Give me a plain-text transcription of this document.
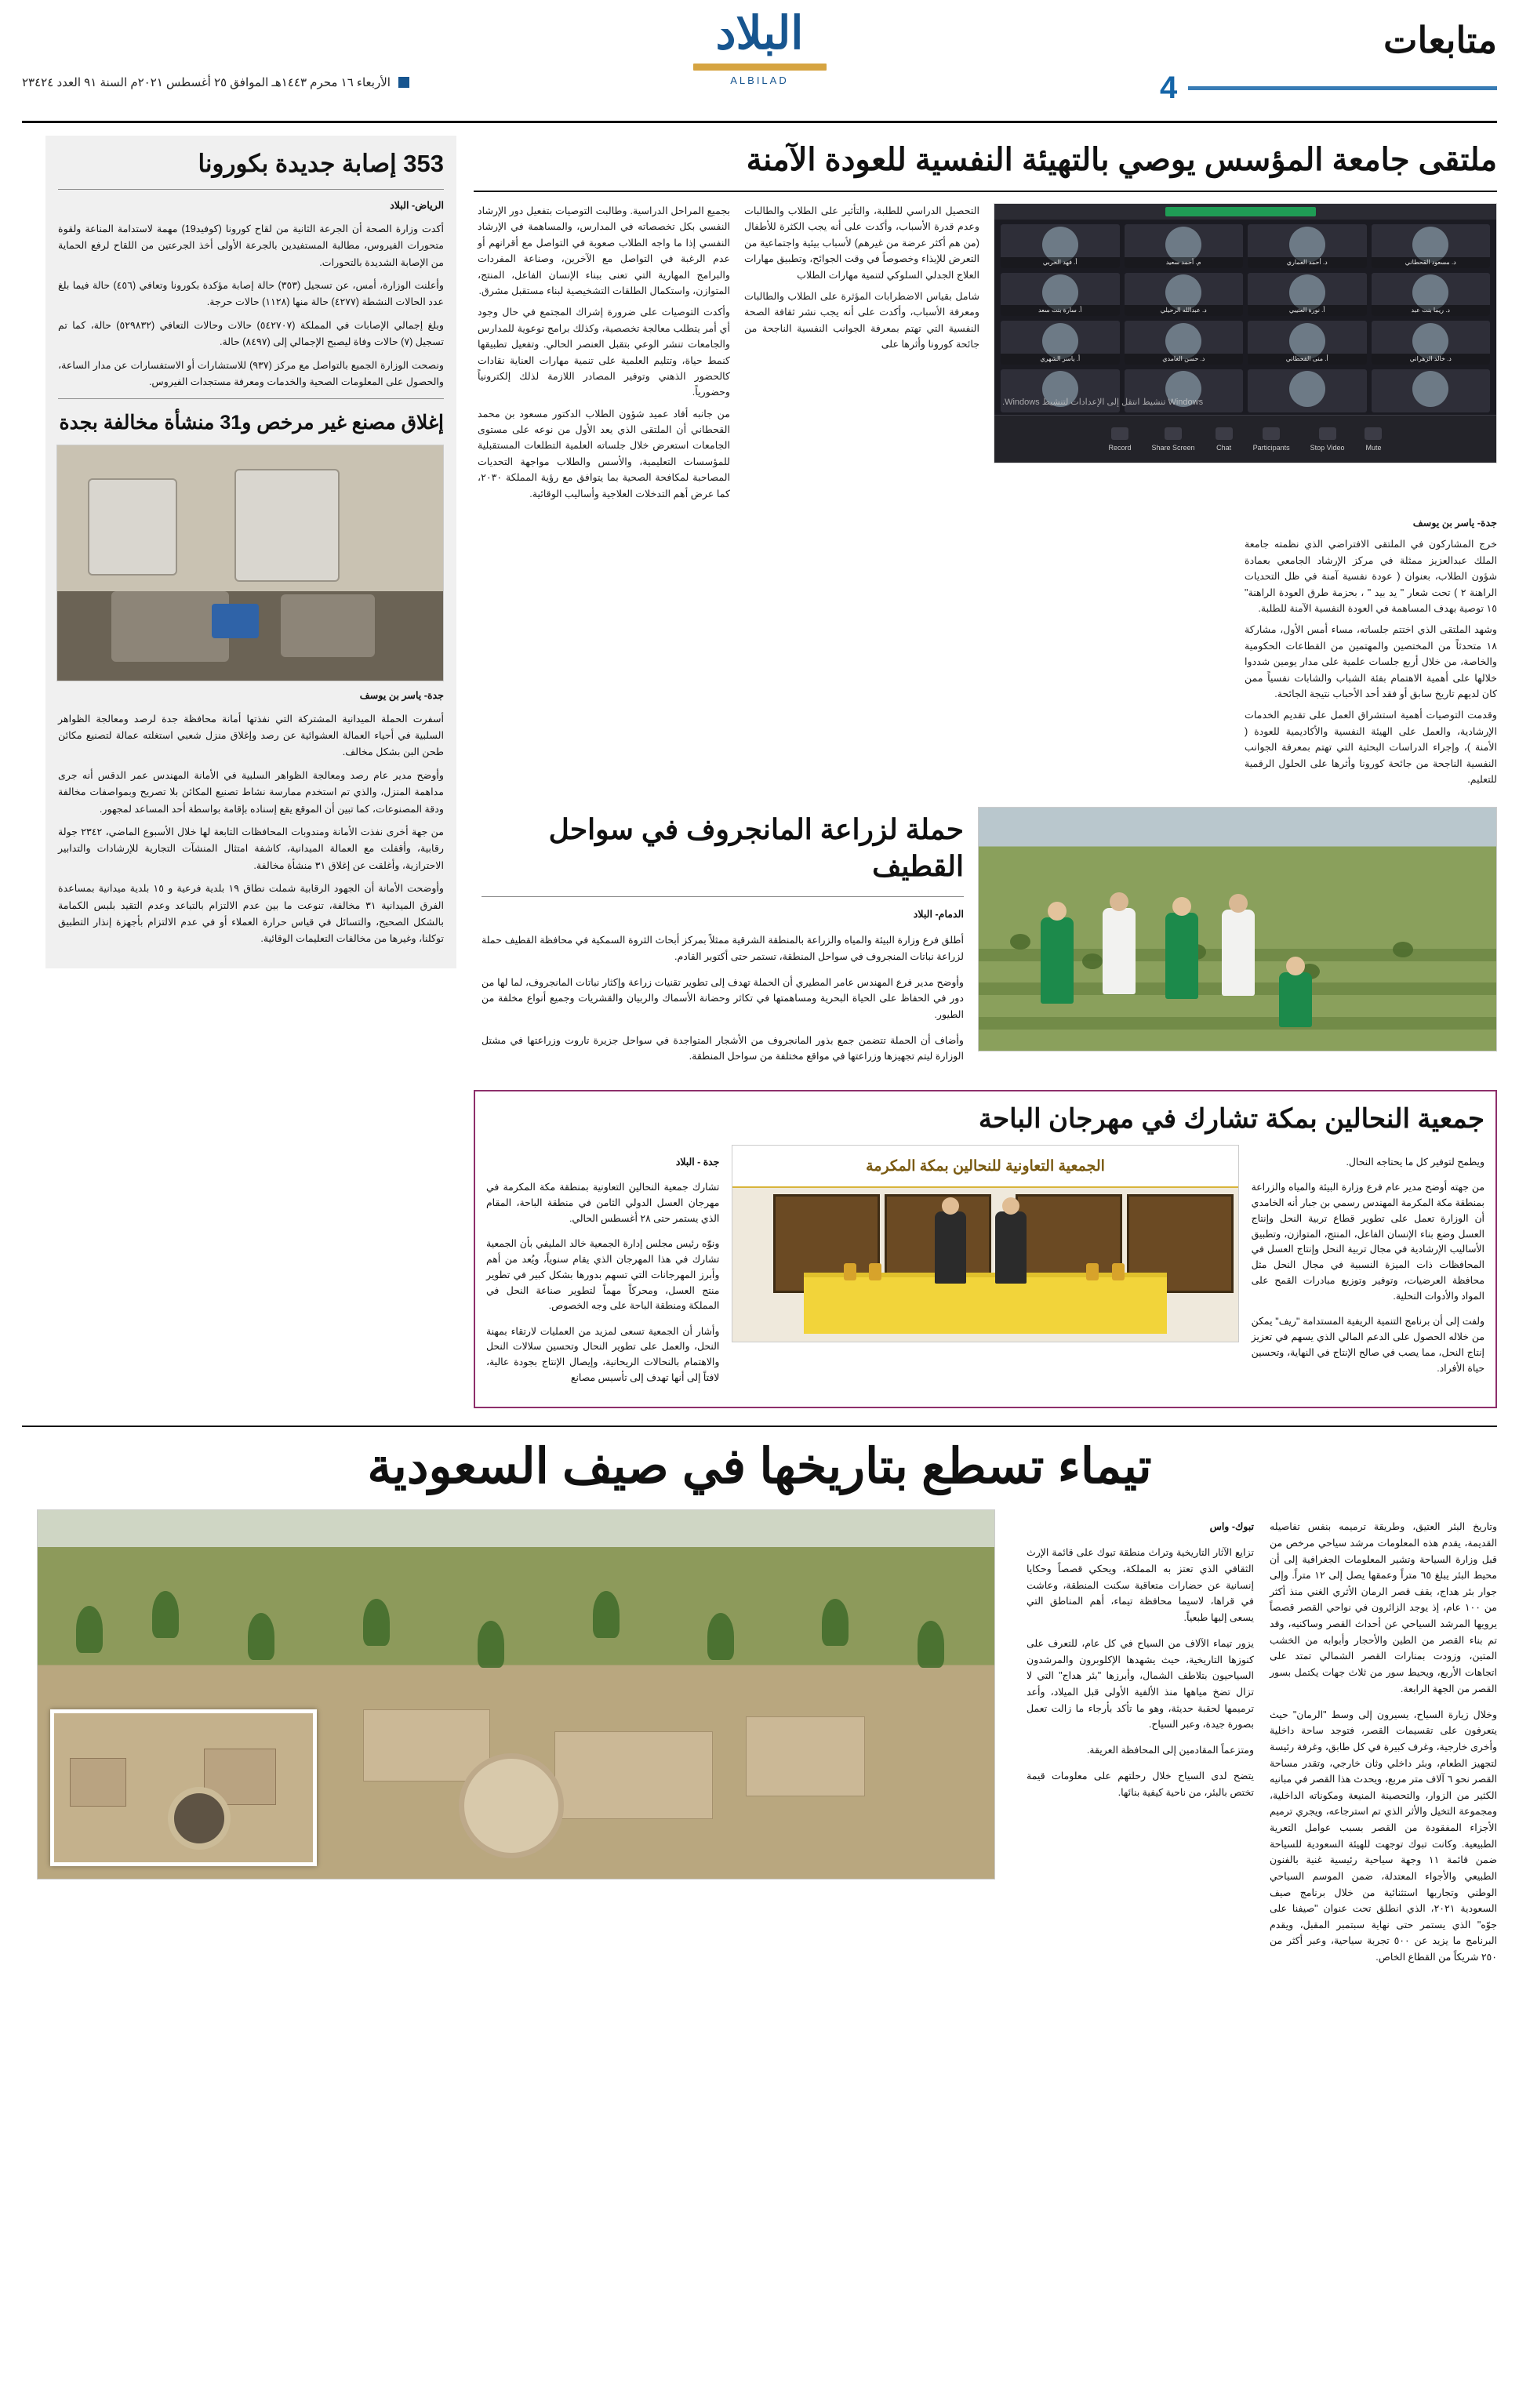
متابعات
4
البلاد
ALBILAD
الأربعاء ١٦ محرم ١٤٤٣هـ الموافق ٢٥ أغسطس ٢٠٢١م السنة ٩١ العدد ٢٣٤٢٤
ملتقى جامعة المؤسس يوصي بالتهيئة النفسية للعودة الآمنة
د. مسعود القحطاني
د. أحمد العماري
م. أحمد سعيد
أ. فهد الحربي
د. ريما بنت عبد
أ. نورة العتيبي
د. عبدالله الرحيلي
أ. سارة بنت سعد
د. خالد الزهراني
أ. منى القحطاني
د. حسن الغامدي
أ. ياسر الشهري
Windows تنشيط انتقل إلى الإعدادات لتنشيط Windows.
Mute
Stop Video
Participants
Chat
Share Screen
Record

التحصيل الدراسي للطلبة، والتأثير على الطلاب والطالبات وعدم قدرة الأسباب، وأكدت على أنه يجب الكثرة للأطفال (من هم أكثر عرضة من غيرهم) لأسباب بيئية واجتماعية من التعرض للإيذاء وخصوصاً في وقت الجوائح، وتطبيق مهارات العلاج الجدلي السلوكي لتنمية مهارات الطلاب

شامل بقياس الاضطرابات المؤثرة على الطلاب والطالبات ومعرفة الأسباب، وأكدت على أنه يجب نشر ثقافة الصحة النفسية التي تهتم بمعرفة الجوانب النفسية الناجحة من جائحة كورونا وأثرها على

بجميع المراحل الدراسية. وطالبت التوصيات بتفعيل دور الإرشاد النفسي بكل تخصصاته في المدارس، والمساهمة في الإرشاد النفسي إذا ما واجه الطلاب صعوبة في التواصل مع أقرانهم أو عدم الرغبة في التواصل مع الآخرين، وصناعة المفردات والبرامج المهارية التي تعنى ببناء الإنسان الفاعل، المنتج، المتوازن، واستكمال الطلقات التشخيصية لبناء مستقبل مشرق.

وأكدت التوصيات على ضرورة إشراك المجتمع في حال وجود أي أمر يتطلب معالجة تخصصية، وكذلك برامج توعوية للمدارس والجامعات تنشر الوعي بتقبل العنصر الحالي. وتفعيل تطبيقها كنمط حياة، وتتليم العلمية على تنمية مهارات العناية نقادات كالحضور الذهني وتوفير المصادر اللازمة لذلك إلكترونياً وحضورياً.

من جانبه أفاد عميد شؤون الطلاب الدكتور مسعود بن محمد القحطاني أن الملتقى الذي يعد الأول من نوعه على مستوى الجامعات استعرض خلال جلساته العلمية التطلعات المستقبلية للمؤسسات التعليمية، والأسس والطلاب مواجهة التحديات المصاحبة لمكافحة الصحية بما يتوافق مع رؤية المملكة ٢٠٣٠، كما عرض أهم التدخلات العلاجية وأساليب الوقائية.

جدة- ياسر بن يوسف

خرج المشاركون في الملتقى الافتراضي الذي نظمته جامعة الملك عبدالعزيز ممثلة في مركز الإرشاد الجامعي بعمادة شؤون الطلاب، بعنوان ( عودة نفسية آمنة في ظل التحديات الراهنة ٢ ) تحت شعار " يد بيد " ، بحزمة طرق العودة الراهنة" ١٥ توصية بهدف المساهمة في العودة النفسية الآمنة للطلبة.

وشهد الملتقى الذي اختتم جلساته، مساء أمس الأول، مشاركة ١٨ متحدثاً من المختصين والمهتمين من القطاعات الحكومية والخاصة، من خلال أربع جلسات علمية على مدار يومين شددوا خلالها على أهمية الاهتمام بفئة الشباب والشابات نفسياً ممن كان لديهم تاريخ سابق أو فقد أحد الأحباب نتيجة الجائحة.

وقدمت التوصيات أهمية استشراق العمل على تقديم الخدمات الإرشادية، والعمل على الهيئة النفسية والأكاديمية للعودة ( الأمنة )، وإجراء الدراسات البحثية التي تهتم بمعرفة الجوانب النفسية الناجحة من جائحة كورونا وأثرها على الحلول الرقمية للتعليم.

حملة لزراعة المانجروف في سواحل القطيف

الدمام- البلاد

أطلق فرع وزارة البيئة والمياه والزراعة بالمنطقة الشرقية ممثلاً بمركز أبحاث الثروة السمكية في محافظة القطيف حملة لزراعة نباتات المنجروف في سواحل المنطقة، تستمر حتى أكتوبر القادم.

وأوضح مدير فرع المهندس عامر المطيري أن الحملة تهدف إلى تطوير تقنيات زراعة وإكثار نباتات المانجروف، لما لها من دور في الحفاظ على الحياة البحرية ومساهمتها في تكاثر وحضانة الأسماك والربيان والقشريات وجميع أنواع مخلفة من الطيور.

وأضاف أن الحملة تتضمن جمع بذور المانجروف من الأشجار المتواجدة في سواحل جزيرة تاروت وزراعتها في مشتل الوزارة ليتم تجهيزها وزراعتها في مواقع مختلفة من سواحل المنطقة.

جمعية النحالين بمكة تشارك في مهرجان الباحة

ويطمح لتوفير كل ما يحتاجه النحال.

من جهته أوضح مدير عام فرع وزارة البيئة والمياه والزراعة بمنطقة مكة المكرمة المهندس رسمي بن جبار أنه الخامدي أن الوزارة تعمل على تطوير قطاع تربية النحل وإنتاج العسل وضع بناء الإنسان الفاعل، المنتج، المتوازن، وتطبيق الأساليب الإرشادية في مجال تربية النحل وإنتاج العسل في المحافظات ذات الميزة النسبية في مجال النحل مثل محافظة العرضيات، وتوفير وتوزيع مبادرات القمح على المواد والأدوات النحلية.

ولفت إلى أن برنامج التنمية الريفية المستدامة "ريف" يمكن من خلاله الحصول على الدعم المالي الذي يسهم في تعزيز إنتاج النحل، مما يصب في صالح الإنتاج في النهاية، وتحسين حياة الأفراد.

الجمعية التعاونية للنحالين بمكة المكرمة

جدة - البلاد

تشارك جمعية النحالين التعاونية بمنطقة مكة المكرمة في مهرجان العسل الدولي الثامن في منطقة الباحة، المقام الذي يستمر حتى ٢٨ أغسطس الحالي.

ونوّه رئيس مجلس إدارة الجمعية خالد المليفي بأن الجمعية تشارك في هذا المهرجان الذي يقام سنوياً، ويُعد من أهم وأبرز المهرجانات التي تسهم بدورها بشكل كبير في تطوير منتج العسل، ومحركاً مهماً لتطوير صناعة النحل في المملكة ومنطقة الباحة على وجه الخصوص.

وأشار أن الجمعية تسعى لمزيد من العمليات لارتقاء بمهنة النحل، والعمل على تطوير النحال وتحسين سلالات النحل والاهتمام بالنحالات الريحانية، وإيصال الإنتاج بجودة عالية، لافتاً إلى أنها تهدف إلى تأسيس مصانع

353 إصابة جديدة بكورونا

الرياض- البلاد

أكدت وزارة الصحة أن الجرعة الثانية من لقاح كورونا (كوفيد19) مهمة لاستدامة المناعة ولقوة متحورات الفيروس، مطالبة المستفيدين بالجرعة الأولى أخذ الجرعتين من اللقاح لرفع الحماية من الإصابة الشديدة بالتحورات.

وأعلنت الوزارة، أمس، عن تسجيل (٣٥٣) حالة إصابة مؤكدة بكورونا وتعافي (٤٥٦) حالة فيما بلغ عدد الحالات النشطة (٤٢٧٧) حالة منها (١١٢٨) حالات حرجة.

وبلغ إجمالي الإصابات في المملكة (٥٤٢٧٠٧) حالات وحالات التعافي (٥٢٩٨٣٢) حالة، كما تم تسجيل (٧) حالات وفاة ليصبح الإجمالي إلى (٨٤٩٧) حالة.

ونصحت الوزارة الجميع بالتواصل مع مركز (٩٣٧) للاستشارات أو الاستفسارات عن مدار الساعة، والحصول على المعلومات الصحية والخدمات ومعرفة مستجدات الفيروس.

إغلاق مصنع غير مرخص و31 منشأة مخالفة بجدة

جدة- ياسر بن يوسف

أسفرت الحملة الميدانية المشتركة التي نفذتها أمانة محافظة جدة لرصد ومعالجة الظواهر السلبية في أحياء العمالة العشوائية عن رصد وإغلاق منزل شعبي استغلته عمالة لتصنيع مكائن طحن البن بشكل مخالف.

وأوضح مدير عام رصد ومعالجة الظواهر السلبية في الأمانة المهندس عمر الدقس أنه جرى مداهمة المنزل، والذي تم استخدم ممارسة نشاط تصنيع المكائن بلا تصريح وبمواصفات مخالفة ودقة المصنوعات، كما تبين أن الموقع يقع إسناده بإقامة بواسطة أحد المساعد لمجهور.

من جهة أخرى نفذت الأمانة ومندوبات المحافظات التابعة لها خلال الأسبوع الماضي، ٢٣٤٢ جولة رقابية، وأقفلت مع العمالة الميدانية، كاشفة امتثال المنشآت التجارية للإرشادات والتدابير الاحترازية، وأغلقت عن إغلاق ٣١ منشأة مخالفة.

وأوضحت الأمانة أن الجهود الرقابية شملت نطاق ١٩ بلدية فرعية و ١٥ بلدية ميدانية بمساعدة الفرق الميدانية ٣١ مخالفة، تنوعت ما بين عدم الالتزام بالتباعد وعدم التقيد بلبس الكمامة بالشكل الصحيح، والتسائل في قياس حرارة العملاء أو في عدم الالتزام بأجهزة إنذار التطبيق توكلنا، وغيرها من مخالفات التعليمات الوقائية.

تيماء تسطع بتاريخها في صيف السعودية

وتاريخ البئر العتيق، وطريقة ترميمه بنفس تفاصيله القديمة، يقدم هذه المعلومات مرشد سياحي مرخص من قبل وزارة السياحة وتشير المعلومات الجغرافية إلى أن محيط البئر يبلغ ٦٥ متراً وعمقها يصل إلى ١٢ متراً. وإلى جوار بئر هداج، يقف قصر الرمان الأثري الغني منذ أكثر من ١٠٠ عام، إذ يوجد الزائرون في نواحي القصر قصصاً يرويها المرشد السياحي عن أحداث القصر وساكنيه، وقد تم بناء القصر من الطين والأحجار وأبوابه من الخشب المتين، وزودت بمنارات القصر الشمالي تمتد على اتجاهات الأربع، ويحيط سور من ثلاث جهات يكتمل بسور القصر من الجهة الرابعة.

وخلال زيارة السياح، يسيرون إلى وسط "الرمان" حيث يتعرفون على تقسيمات القصر، فتوجد ساحة داخلية وأخرى خارجية، وغرف كبيرة في كل طابق، وغرفة رئيسة لتجهيز الطعام، وبئر داخلي وثان خارجي، وتقدر مساحة القصر نحو ٦ آلاف متر مربع، ويحدث هذا القصر في مبانيه الكثير من الزوار، والتحصينة المنيعة ومكوناته الداخلية، ومجموعة التخيل والأثر الذي تم استرجاعه، ويجري ترميم الأجزاء المفقودة من القصر بسبب عوامل التعرية الطبيعية. وكانت تبوك توجهت للهيئة السعودية للسياحة ضمن قائمة ١١ وجهة سياحية رئيسية غنية بالفنون الطبيعي والأجواء المعتدلة، ضمن الموسم السياحي الوطني وتجاربها استثنائية من خلال برنامج صيف السعودية ٢٠٢١، الذي انطلق تحت عنوان "صيفنا على جوّه" الذي يستمر حتى نهاية سبتمبر المقبل، ويقدم البرنامج ما يزيد عن ٥٠٠ تجربة سياحية، وعبر أكثر من ٢٥٠ شريكاً من القطاع الخاص.

تبوك- واس

تزايع الآثار التاريخية وتراث منطقة تبوك على قائمة الإرث الثقافي الذي تعتز به المملكة، ويحكي قصصاً وحكايا إنسانية عن حضارات متعاقبة سكنت المنطقة، وعاشت في قراها، لاسيما محافظة تيماء، أهم المناطق التي يسعى إليها طبعياً.

يزور تيماء الآلاف من السياح في كل عام، للتعرف على كنوزها التاريخية، حيث يشهدها الإكلوبرون والمرشدون السياحيون بتلاطف الشمال، وأبرزها "بئر هداج" التي لا تزال تضخ مياهها منذ الألفية الأولى قبل الميلاد، وأعد ترميمها لحقبة حديثة، وهو ما تأكد بأرجاء ما زالت تعمل بصورة جيدة، وعبر السياح.

ومتزعماً المقادمين إلى المحافظة العريقة.

يتضح لدى السياح خلال رحلتهم على معلومات قيمة تختص بالبئر، من ناحية كيفية بنائها.
